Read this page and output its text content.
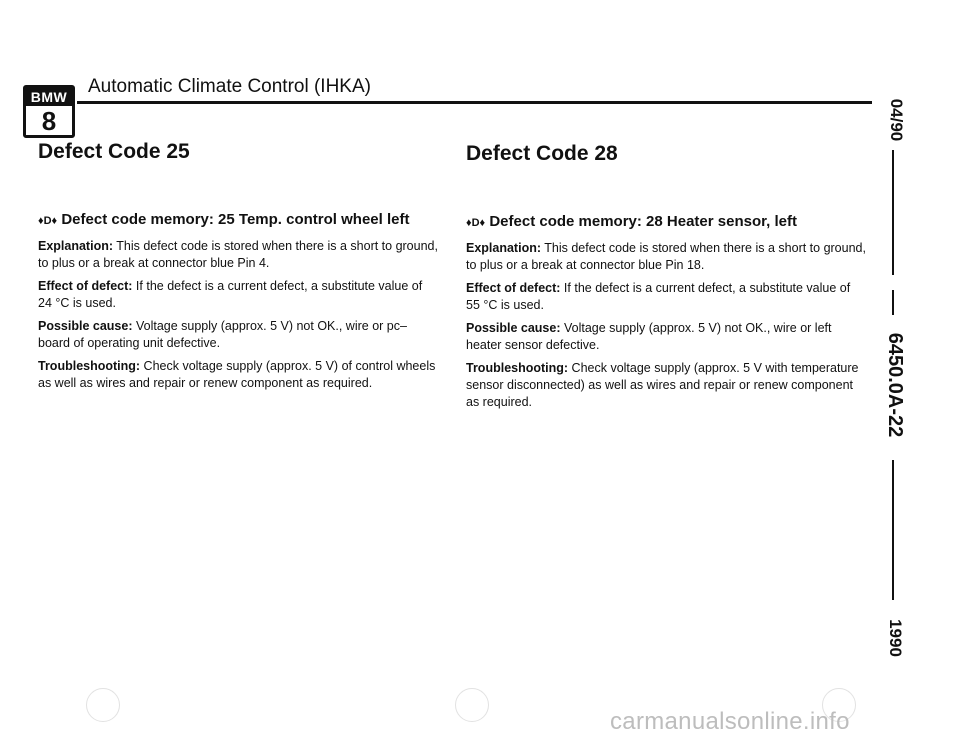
BMW
8
Automatic Climate Control (IHKA)
04/90
6450.0A-22
1990
Defect Code 25
♦D♦ Defect code memory: 25 Temp. control wheel left

Explanation: This defect code is stored when there is a short to ground, to plus or a break at connector blue Pin 4.

Effect of defect: If the defect is a current defect, a substitute value of 24 °C is used.

Possible cause: Voltage supply (approx. 5 V) not OK., wire or pc–board of operating unit defective.

Troubleshooting: Check voltage supply (approx. 5 V) of control wheels as well as wires and repair or renew component as required.

Defect Code 28
♦D♦ Defect code memory: 28 Heater sensor, left

Explanation: This defect code is stored when there is a short to ground, to plus or a break at connector blue Pin 18.

Effect of defect: If the defect is a current defect, a substitute value of 55 °C is used.

Possible cause: Voltage supply (approx. 5 V) not OK., wire or left heater sensor defective.

Troubleshooting: Check voltage supply (approx. 5 V with temperature sensor disconnected) as well as wires and repair or renew component as required.

carmanualsonline.info
